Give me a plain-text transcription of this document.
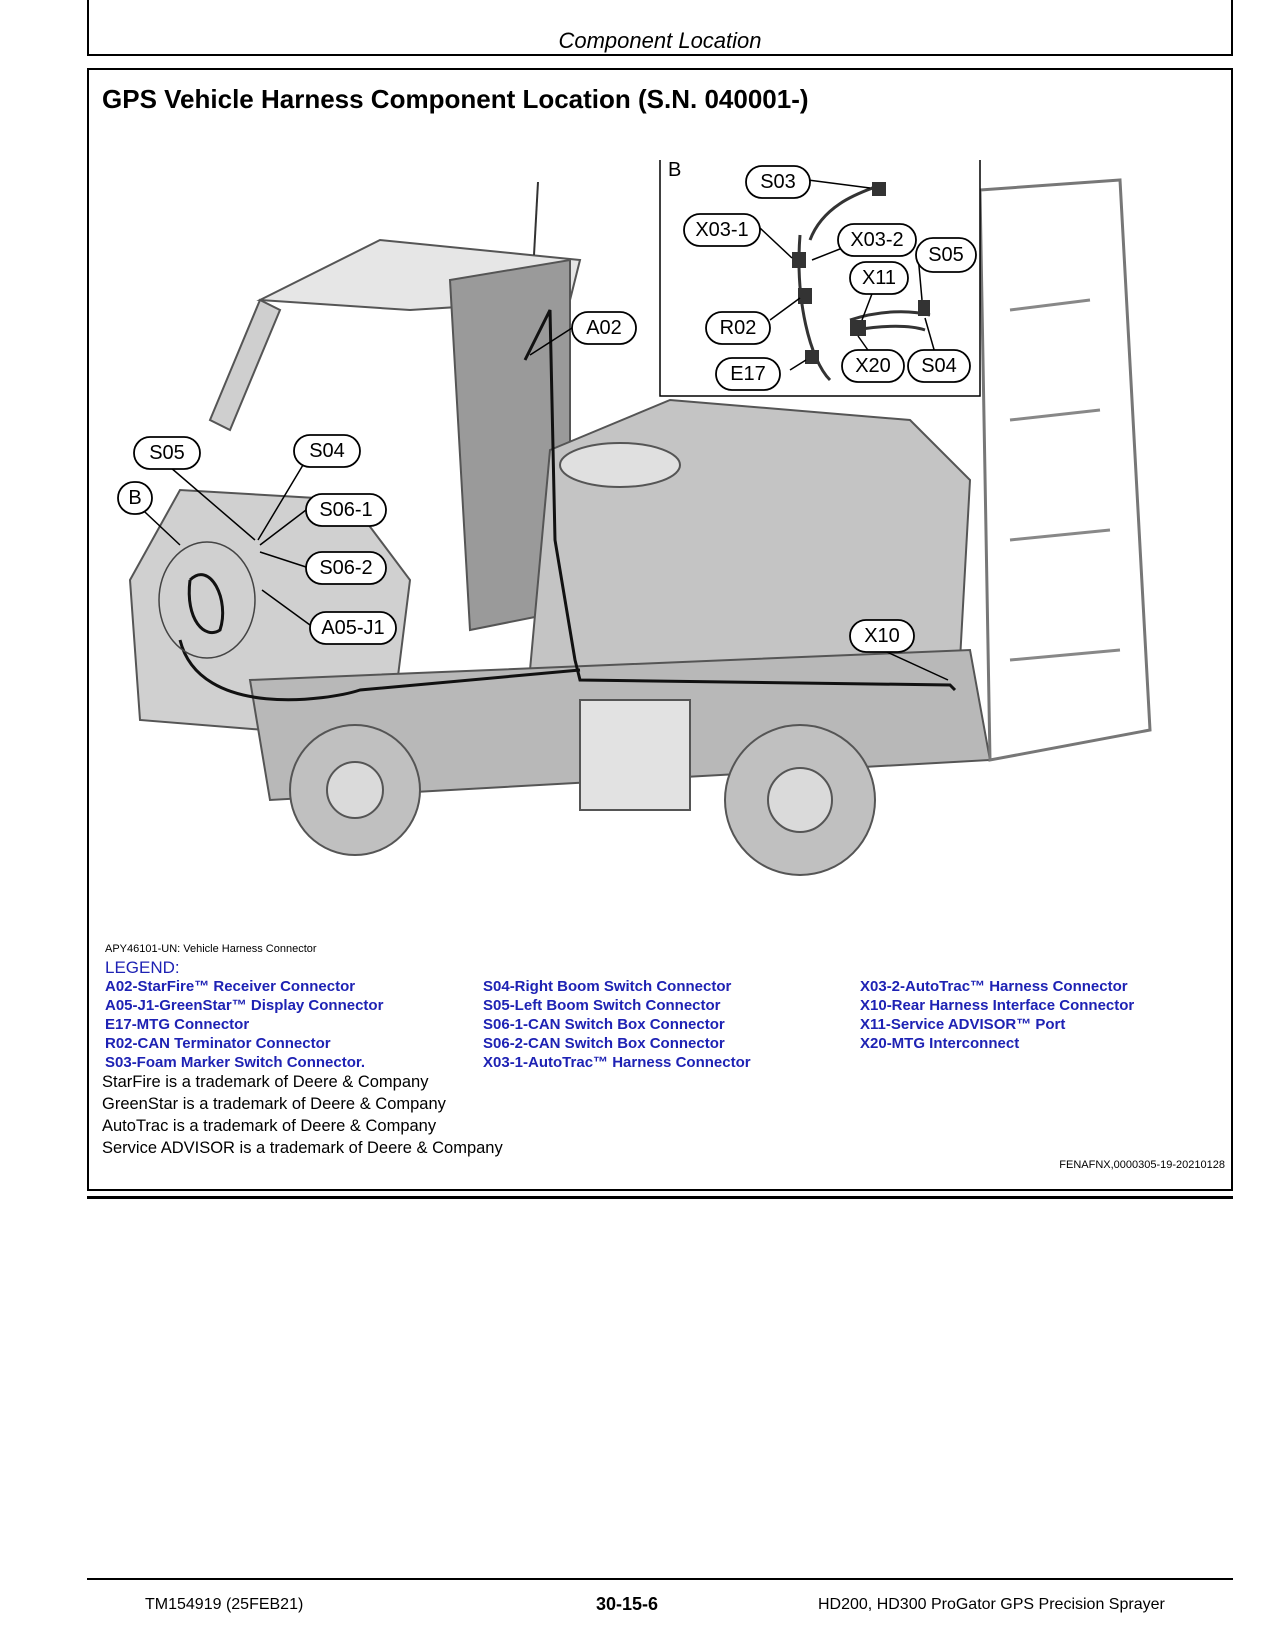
Component Location
GPS Vehicle Harness Component Location (S.N. 040001-)
B
A02
S05	S04
B
S06-1
S06-2
A05-J1	X10
S03
X03-1	X03-2
S05
X11
R02
X20 S04
E17
APY46101-UN: Vehicle Harness Connector
LEGEND:
A02-StarFire™ Receiver Connector
A05-J1-GreenStar™ Display Connector
E17-MTG Connector
R02-CAN Terminator Connector
S03-Foam Marker Switch Connector.
S04-Right Boom Switch Connector
S05-Left Boom Switch Connector
S06-1-CAN Switch Box Connector
S06-2-CAN Switch Box Connector
X03-1-AutoTrac™ Harness Connector
X03-2-AutoTrac™ Harness Connector
X10-Rear Harness Interface Connector
X11-Service ADVISOR™ Port
X20-MTG Interconnect
StarFire is a trademark of Deere & Company
GreenStar is a trademark of Deere & Company
AutoTrac is a trademark of Deere & Company
Service ADVISOR is a trademark of Deere & Company
FENAFNX,0000305-19-20210128
TM154919 (25FEB21)	30-15-6	HD200, HD300 ProGator GPS Precision Sprayer
